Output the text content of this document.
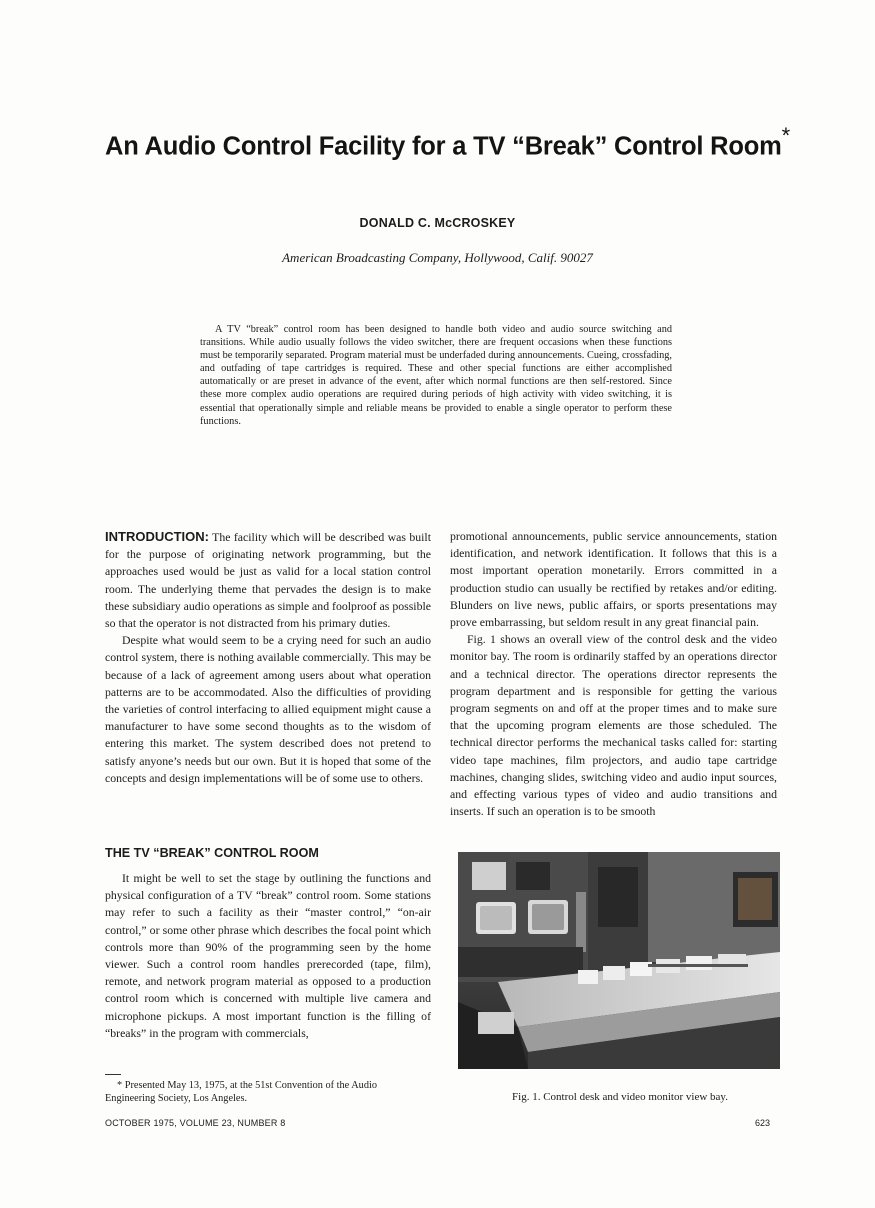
An Audio Control Facility for a TV “Break” Control Room*
DONALD C. McCROSKEY
American Broadcasting Company, Hollywood, Calif. 90027
A TV “break” control room has been designed to handle both video and audio source switching and transitions. While audio usually follows the video switcher, there are frequent occasions when these functions must be temporarily separated. Program material must be underfaded during announcements. Cueing, crossfading, and outfading of tape cartridges is required. These and other special functions are either accomplished automatically or are preset in advance of the event, after which normal functions are then self-restored. Since these more complex audio operations are required during periods of high activity with video switching, it is essential that operationally simple and reliable means be provided to enable a single operator to perform these functions.

INTRODUCTION: The facility which will be described was built for the purpose of originating network programming, but the approaches used would be just as valid for a local station control room. The underlying theme that pervades the design is to make these subsidiary audio operations as simple and foolproof as possible so that the operator is not distracted from his primary duties.

Despite what would seem to be a crying need for such an audio control system, there is nothing available commercially. This may be because of a lack of agreement among users about what operation patterns are to be accommodated. Also the difficulties of providing the varieties of control interfacing to allied equipment might cause a manufacturer to have some second thoughts as to the wisdom of entering this market. The system described does not pretend to satisfy anyone’s needs but our own. But it is hoped that some of the concepts and design implementations will be of some use to others.

THE TV “BREAK” CONTROL ROOM

It might be well to set the stage by outlining the functions and physical configuration of a TV “break” control room. Some stations may refer to such a facility as their “master control,” “on-air control,” or some other phrase which describes the focal point which controls more than 90% of the programming seen by the home viewer. Such a control room handles prerecorded (tape, film), remote, and network program material as opposed to a production control room which is concerned with multiple live camera and microphone pickups. A most important function is the filling of “breaks” in the program with commercials,

promotional announcements, public service announcements, station identification, and network identification. It follows that this is a most important operation monetarily. Errors committed in a production studio can usually be rectified by retakes and/or editing. Blunders on live news, public affairs, or sports presentations may prove embarrassing, but seldom result in any great financial pain.

Fig. 1 shows an overall view of the control desk and the video monitor bay. The room is ordinarily staffed by an operations director and a technical director. The operations director represents the program department and is responsible for getting the various program segments on and off at the proper times and to make sure that the upcoming program elements are those scheduled. The technical director performs the mechanical tasks called for: starting video tape machines, film projectors, and audio tape cartridge machines, changing slides, switching video and audio input sources, and effecting various types of video and audio transitions and inserts. If such an operation is to be smooth

Fig. 1. Control desk and video monitor view bay.
* Presented May 13, 1975, at the 51st Convention of the Audio
Engineering Society, Los Angeles.
OCTOBER 1975, VOLUME 23, NUMBER 8	623
